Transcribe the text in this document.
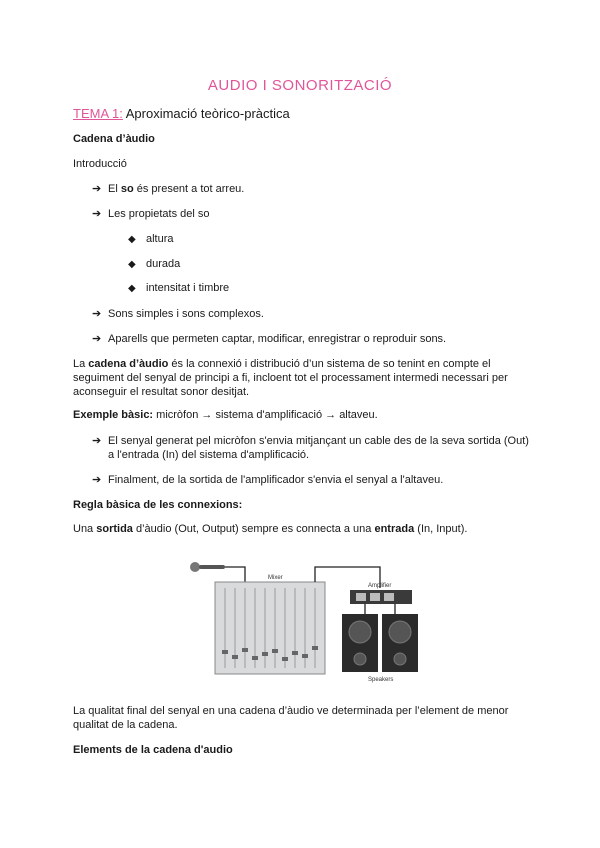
AUDIO I SONORITZACIÓ
TEMA 1: Aproximació teòrico-pràctica
Cadena d’àudio
Introducció
➔ El so és present a tot arreu.
➔ Les propietats del so
◆ altura
◆ durada
◆ intensitat i timbre
➔ Sons simples i sons complexos.
➔ Aparells que permeten captar, modificar, enregistrar o reproduir sons.
La cadena d’àudio és la connexió i distribució d’un sistema de so tenint en compte el seguiment del senyal de principi a fi, incloent tot el processament intermedi necessari per aconseguir el resultat sonor desitjat.
Exemple bàsic: micròfon → sistema d'amplificació → altaveu.
➔ El senyal generat pel micròfon s'envia mitjançant un cable des de la seva sortida (Out) a l'entrada (In) del sistema d'amplificació.
➔ Finalment, de la sortida de l'amplificador s'envia el senyal a l'altaveu.
Regla bàsica de les connexions:
Una sortida d’àudio (Out, Output) sempre es connecta a una entrada (In, Input).
Mixer
Amplifier
Speakers
La qualitat final del senyal en una cadena d’àudio ve determinada per l’element de menor qualitat de la cadena.
Elements de la cadena d'audio
